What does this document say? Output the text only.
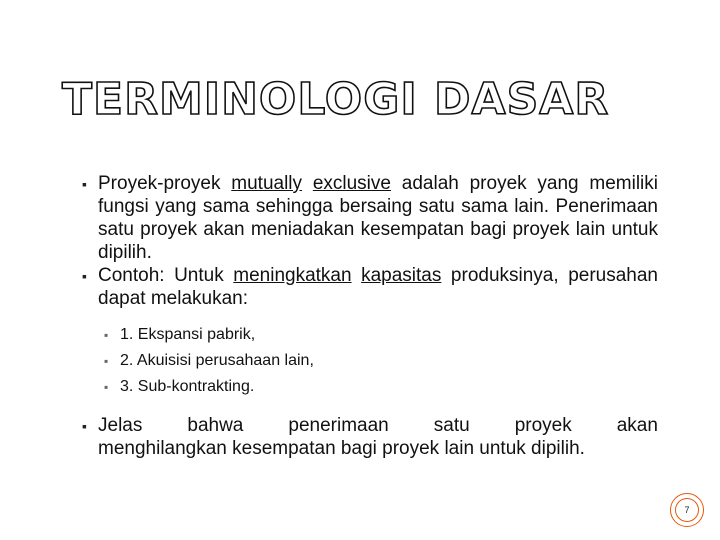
TERMINOLOGI DASAR

▪ Proyek-proyek mutually exclusive adalah proyek yang memiliki fungsi yang sama sehingga bersaing satu sama lain. Penerimaan satu proyek akan meniadakan kesempatan bagi proyek lain untuk dipilih.

▪ Contoh: Untuk meningkatkan kapasitas produksinya, perusahan dapat melakukan:

▪ 1. Ekspansi pabrik,
▪ 2. Akuisisi perusahaan lain,
▪ 3. Sub-kontrakting.
▪ Jelas bahwa penerimaan satu proyek akan
menghilangkan kesempatan bagi proyek lain untuk dipilih.
7
